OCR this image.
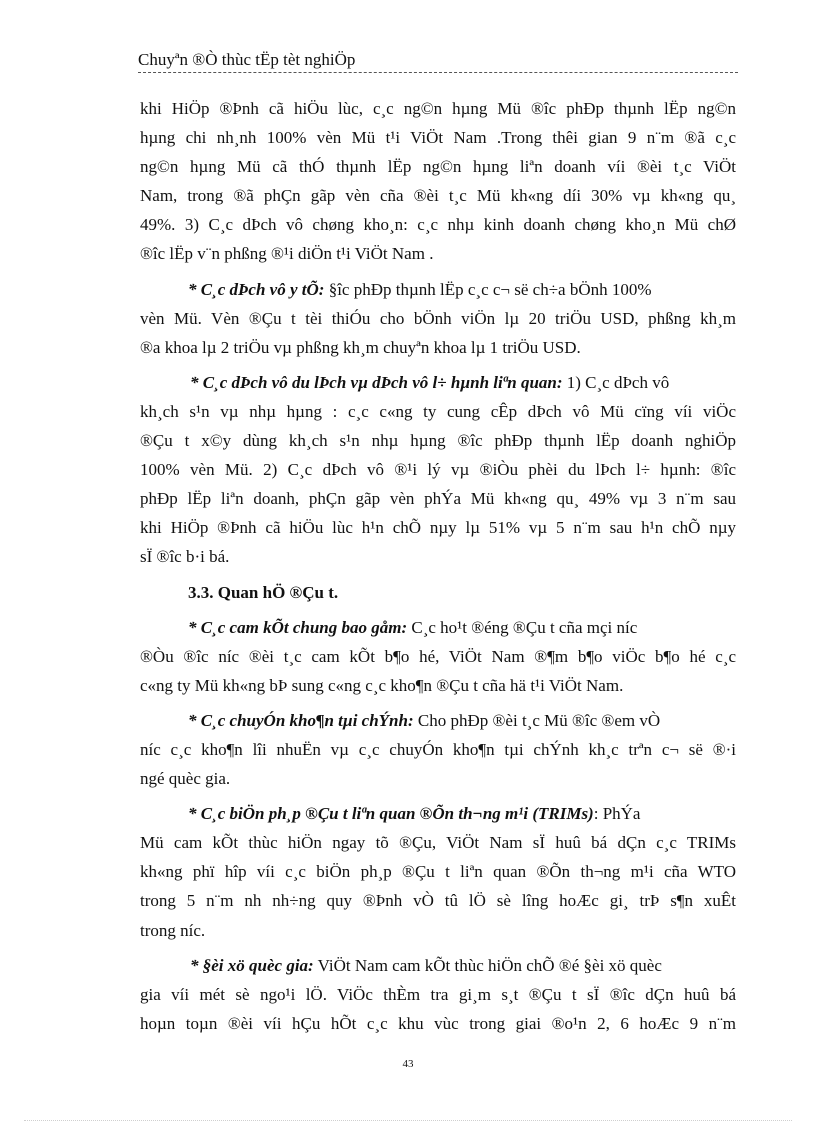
Chuyªn ®Ò thùc tËp tèt nghiÖp
khi HiÖp ®Þnh cã hiÖu lùc, c¸c ng©n hµng Mü ®îc phÐp thµnh lËp ng©n
hµng chi nh¸nh 100% vèn Mü t¹i ViÖt Nam .Trong thêi gian 9 n¨m ®ã c¸c
ng©n hµng Mü cã thÓ thµnh lËp ng©n hµng liªn doanh víi ®èi t¸c ViÖt
Nam, trong ®ã phÇn gãp vèn cña ®èi t¸c Mü kh«ng díi 30% vµ kh«ng qu¸
49%. 3) C¸c dÞch vô chøng kho¸n: c¸c nhµ kinh doanh chøng kho¸n Mü chØ
®îc lËp v¨n phßng ®¹i diÖn t¹i ViÖt Nam .
* C¸c dÞch vô y tÕ: §îc phÐp thµnh lËp c¸c c¬ së ch÷a bÖnh 100%
vèn Mü. Vèn ®Çu t tèi thiÓu cho bÖnh viÖn lµ 20 triÖu USD, phßng kh¸m
®a khoa lµ 2 triÖu vµ phßng kh¸m chuyªn khoa lµ 1 triÖu USD.
* C¸c dÞch vô du lÞch vµ dÞch vô l÷ hµnh liªn quan: 1) C¸c dÞch vô
kh¸ch s¹n vµ nhµ hµng : c¸c c«ng ty cung cÊp dÞch vô Mü cïng víi viÖc
®Çu t x©y dùng kh¸ch s¹n nhµ hµng ®îc phÐp thµnh lËp doanh nghiÖp
100% vèn Mü. 2) C¸c dÞch vô ®¹i lý vµ ®iÒu phèi du lÞch l÷ hµnh: ®îc
phÐp lËp liªn doanh, phÇn gãp vèn phÝa Mü kh«ng qu¸ 49% vµ 3 n¨m sau
khi HiÖp ®Þnh cã hiÖu lùc h¹n chÕ nµy lµ 51% vµ 5 n¨m sau h¹n chÕ nµy
sÏ ®îc b·i bá.
3.3. Quan hÖ ®Çu t.
* C¸c cam kÕt chung bao gåm: C¸c ho¹t ®éng ®Çu t cña mçi níc
®Òu ®îc níc ®èi t¸c cam kÕt b¶o hé, ViÖt Nam ®¶m b¶o viÖc b¶o hé c¸c
c«ng ty Mü kh«ng bÞ sung c«ng c¸c kho¶n ®Çu t cña hä t¹i ViÖt Nam.
* C¸c chuyÓn kho¶n tµi chÝnh: Cho phÐp ®èi t¸c Mü ®îc ®em vÒ
níc c¸c kho¶n lîi nhuËn vµ c¸c chuyÓn kho¶n tµi chÝnh kh¸c trªn c¬ së ®·i
ngé quèc gia.
* C¸c biÖn ph¸p ®Çu t liªn quan ®Õn th¬ng m¹i (TRIMs): PhÝa
Mü cam kÕt thùc hiÖn ngay tõ ®Çu, ViÖt Nam sÏ huû bá dÇn c¸c TRIMs
kh«ng phï hîp víi c¸c biÖn ph¸p ®Çu t liªn quan ®Õn th¬ng m¹i cña WTO
trong 5 n¨m nh nh÷ng quy ®Þnh vÒ tû lÖ sè lîng hoÆc gi¸ trÞ s¶n xuÊt
trong níc.
* §èi xö quèc gia: ViÖt Nam cam kÕt thùc hiÖn chÕ ®é §èi xö quèc
gia víi mét sè ngo¹i lÖ. ViÖc thÈm tra gi¸m s¸t ®Çu t sÏ ®îc dÇn huû bá
hoµn toµn ®èi víi hÇu hÕt c¸c khu vùc trong giai ®o¹n 2, 6 hoÆc 9 n¨m
43
